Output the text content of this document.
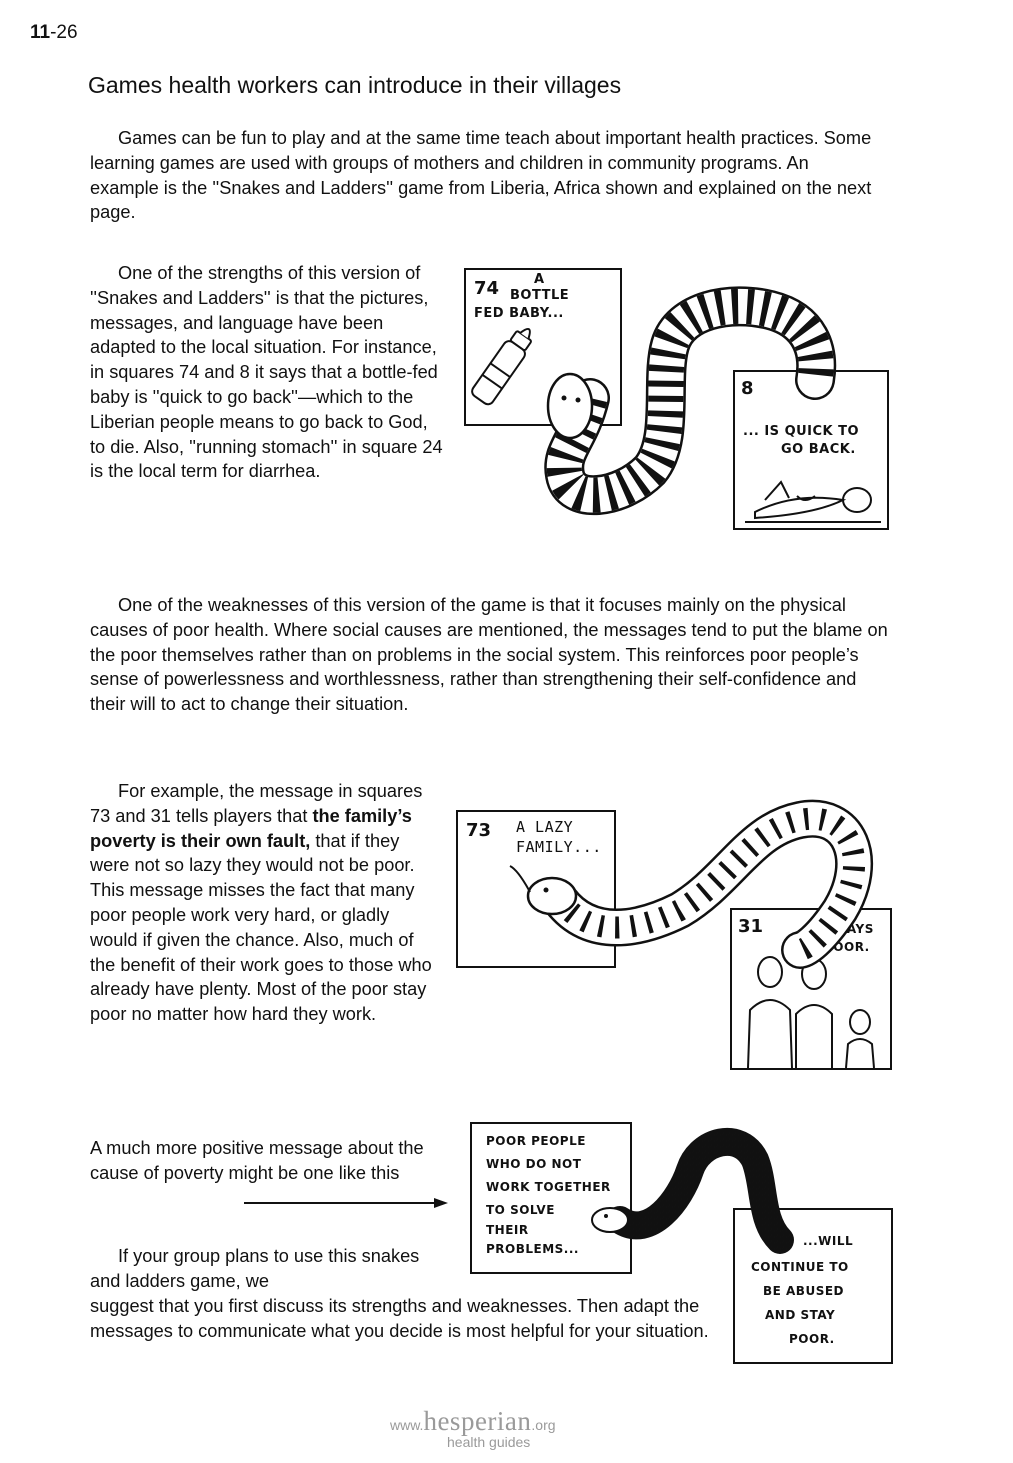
11-26
Games health workers can introduce in their villages

Games can be fun to play and at the same time teach about important health practices. Some learning games are used with groups of mothers and children in community programs. An example is the ''Snakes and Ladders'' game from Liberia, Africa shown and explained on the next page.

One of the strengths of this version of ''Snakes and Ladders'' is that the pictures, messages, and language have been adapted to the local situation. For instance, in squares 74 and 8 it says that a bottle-fed baby is ''quick to go back''—which to the Liberian people means to go back to God, to die. Also, ''running stomach'' in square 24 is the local term for diarrhea.

74	A
BOTTLE
FED BABY...
8
... IS QUICK TO
GO BACK.

One of the weaknesses of this version of the game is that it focuses mainly on the physical causes of poor health. Where social causes are mentioned, the messages tend to put the blame on the poor themselves rather than on problems in the social system. This reinforces poor people’s sense of powerlessness and worthlessness, rather than strengthening their self-confidence and their will to act to change their situation.

For example, the message in squares 73 and 31 tells players that the family’s poverty is their own fault, that if they were not so lazy they would not be poor. This message misses the fact that many poor people work very hard, or gladly would if given the chance. Also, much of the benefit of their work goes to those who already have plenty. Most of the poor stay poor no matter how hard they work.

73 A LAZY
FAMILY...
31	STAYS
POOR.

A much more positive message about the cause of poverty might be one like this

POOR PEOPLE
WHO DO NOT
WORK TOGETHER
TO SOLVE
THEIR
PROBLEMS...
...WILL
CONTINUE TO
BE ABUSED
AND STAY
POOR.

If your group plans to use this snakes and ladders game, we

suggest that you first discuss its strengths and weaknesses. Then adapt the messages to communicate what you decide is most helpful for your situation.

www.hesperian.org
health guides
